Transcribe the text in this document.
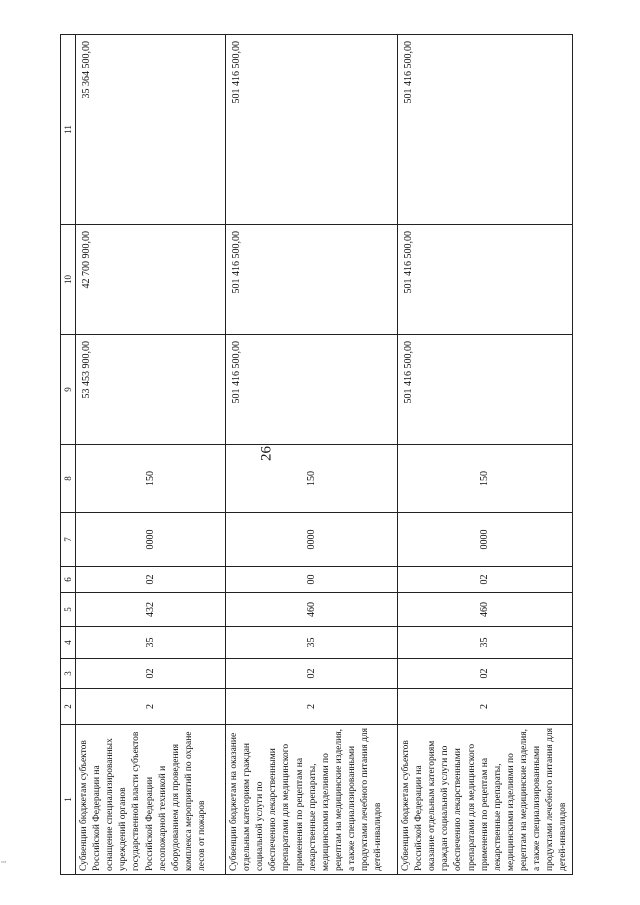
26
1
1	2	3	4	5	6	7	8	9	10	11
Субвенции бюджетам субъектов Российской Федерации на оснащение специализированных учреждений органов государственной власти субъектов Российской Федерации лесопожарной техникой и оборудованием для проведения комплекса мероприятий по охране лесов от пожаров	2	02	35	432	02	0000	150	53 453 900,00	42 700 900,00	35 364 500,00
Субвенции бюджетам на оказание отдельным категориям граждан социальной услуги по обеспечению лекарственными препаратами для медицинского применения по рецептам на лекарственные препараты, медицинскими изделиями по рецептам на медицинские изделия, а также специализированными продуктами лечебного питания для детей-инвалидов	2	02	35	460	00	0000	150	501 416 500,00	501 416 500,00	501 416 500,00
Субвенции бюджетам субъектов Российской Федерации на оказание отдельным категориям граждан социальной услуги по обеспечению лекарственными препаратами для медицинского применения по рецептам на лекарственные препараты, медицинскими изделиями по рецептам на медицинские изделия, а также специализированными продуктами лечебного питания для детей-инвалидов	2	02	35	460	02	0000	150	501 416 500,00	501 416 500,00	501 416 500,00
